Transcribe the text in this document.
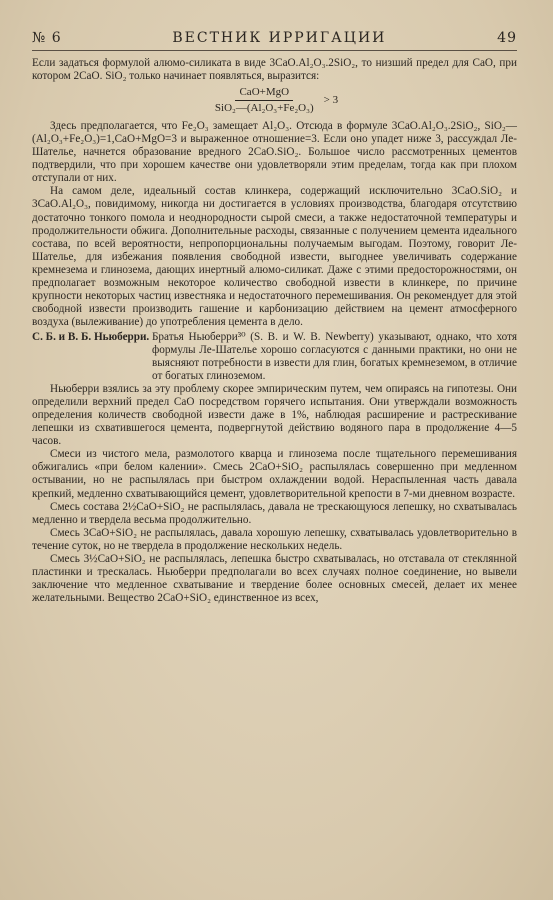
№ 6	ВЕСТНИК ИРРИГАЦИИ	49

Если задаться формулой алюмо-силиката в виде 3CaO.Al₂O₃.2SiO₂, то низший предел для CaO, при котором 2CaO. SiO₂ только начинает появляться, выразится:

$\frac{\text{CaO+MgO}}{\text{SiO₂—(Al₂O₃+Fe₂O₃)}} > 3$

Здесь предполагается, что Fe₂O₃ замещает Al₂O₃. Отсюда в формуле 3CaO.Al₂O₃.2SiO₂, SiO₂—(Al₂O₃+Fe₂O₃)=1,CaO+MgO=3 и выраженное отношение=3. Если оно упадет ниже 3, рассуждал Ле-Шателье, начнется образование вредного 2CaO.SiO₂. Большое число рассмотренных цементов подтвердили, что при хорошем качестве они удовлетворяли этим пределам, тогда как при плохом отступали от них.

На самом деле, идеальный состав клинкера, содержащий исключительно 3CaO.SiO₂ и 3CaO.Al₂O₃, повидимому, никогда ни достигается в условиях производства, благодаря отсутствию достаточно тонкого помола и неоднородности сырой смеси, а также недостаточной температуры и продолжительности обжига. Дополнительные расходы, связанные с получением цемента идеального состава, по всей вероятности, непропорциональны получаемым выгодам. Поэтому, говорит Ле-Шателье, для избежания появления свободной извести, выгоднее увеличивать содержание кремнезема и глинозема, дающих инертный алюмо-силикат. Даже с этими предосторожностями, он предполагает возможным некоторое количество свободной извести в клинкере, по причине крупности некоторых частиц известняка и недостаточного перемешивания. Он рекомендует для этой свободной извести производить гашение и карбонизацию действием на цемент атмосферного воздуха (вылеживание) до употребления цемента в дело.

С. Б. и В. Б. Ньюберри. Братья Ньюберри³⁰ (S. B. и W. B. Newberry) указывают, однако, что хотя формулы Ле-Шателье хорошо согласуются с данными практики, но они не выясняют потребности в извести для глин, богатых кремнеземом, в отличие от богатых глиноземом.

Ньюберри взялись за эту проблему скорее эмпирическим путем, чем опираясь на гипотезы. Они определили верхний предел CaO посредством горячего испытания. Они утверждали возможность определения количеств свободной извести даже в 1%, наблюдая расширение и растрескивание лепешки из схватившегося цемента, подвергнутой действию водяного пара в продолжение 4—5 часов.

Смеси из чистого мела, размолотого кварца и глинозема после тщательного перемешивания обжигались «при белом калении». Смесь 2CaO+SiO₂ распылялась совершенно при медленном остывании, но не распылялась при быстром охлаждении водой. Нераспыленная часть давала крепкий, медленно схватывающийся цемент, удовлетворительной крепости в 7-ми дневном возрасте.

Смесь состава 2½CaO+SiO₂ не распылялась, давала не трескающуюся лепешку, но схватывалась медленно и твердела весьма продолжительно.

Смесь 3CaO+SiO₂ не распылялась, давала хорошую лепешку, схватывалась удовлетворительно в течение суток, но не твердела в продолжение нескольких недель.

Смесь 3½CaO+SiO₂ не распылялась, лепешка быстро схватывалась, но отставала от стеклянной пластинки и трескалась. Ньюберри предполагали во всех случаях полное соединение, но вывели заключение что медленное схватывание и твердение более основных смесей, делает их менее желательными. Вещество 2CaO+SiO₂ единственное из всех,
